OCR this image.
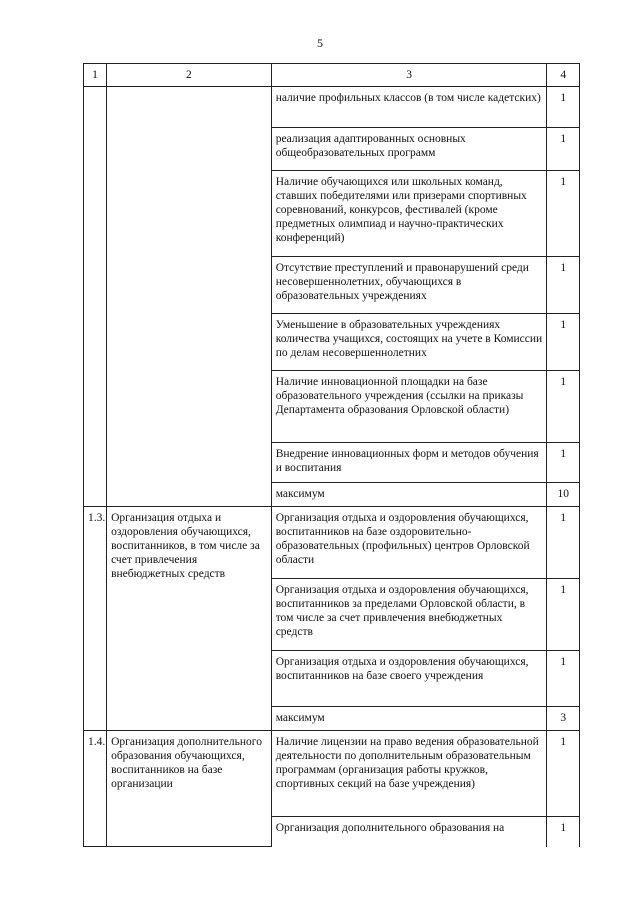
5
1	2	3	4
		наличие профильных классов (в том числе кадетских)	1
		реализация адаптированных основных общеобразовательных программ	1
		Наличие обучающихся или школьных команд, ставших победителями или призерами спортивных соревнований, конкурсов, фестивалей (кроме предметных олимпиад и научно-практических конференций)	1
		Отсутствие преступлений и правонарушений среди несовершеннолетних, обучающихся в образовательных учреждениях	1
		Уменьшение в образовательных учреждениях количества учащихся, состоящих на учете в Комиссии по делам несовершеннолетних	1
		Наличие инновационной площадки на базе образовательного учреждения (ссылки на приказы Департамента образования Орловской области)	1
		Внедрение инновационных форм и методов обучения и воспитания	1
		максимум	10
1.3.	Организация отдыха и оздоровления обучающихся, воспитанников, в том числе за счет привлечения внебюджетных средств	Организация отдыха и оздоровления обучающихся, воспитанников на базе оздоровительно-образовательных (профильных) центров Орловской области	1
		Организация отдыха и оздоровления обучающихся, воспитанников за пределами Орловской области, в том числе за счет привлечения внебюджетных средств	1
		Организация отдыха и оздоровления обучающихся, воспитанников на базе своего учреждения	1
		максимум	3
1.4.	Организация дополнительного образования обучающихся, воспитанников на базе организации	Наличие лицензии на право ведения образовательной деятельности по дополнительным образовательным программам (организация работы кружков, спортивных секций на базе учреждения)	1
		Организация дополнительного образования на	1
